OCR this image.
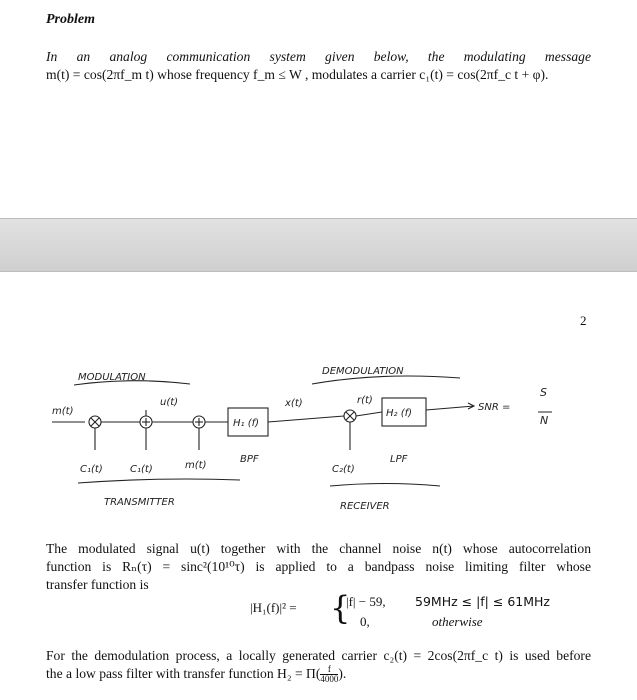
Problem
In an analog communication system given below, the modulating message
m(t) = cos(2πf_m t) whose frequency f_m ≤ W , modulates a carrier c₁(t) = cos(2πf_c t + φ).
2
MODULATION
DEMODULATION
m(t)
u(t)
H₁ (f)
x(t)	r(t)
H₂ (f)
SNR =
S
N
C₁(t)	C₁(t)	m(t)
BPF
C₂(t)
LPF
TRANSMITTER	RECEIVER
The modulated signal u(t) together with the channel noise n(t) whose autocorrelation
function is Rₙ(τ) = sinc²(10¹⁰τ) is applied to a bandpass noise limiting filter whose
transfer function is
|H₁(f)|² = {
|f| − 59, 59MHz ≤ |f| ≤ 61MHz
0,	otherwise
For the demodulation process, a locally generated carrier c₂(t) = 2cos(2πf_c t) is used before
the a low pass filter with transfer function $H_2 = \Pi( \frac{f}{4000}$ ).
